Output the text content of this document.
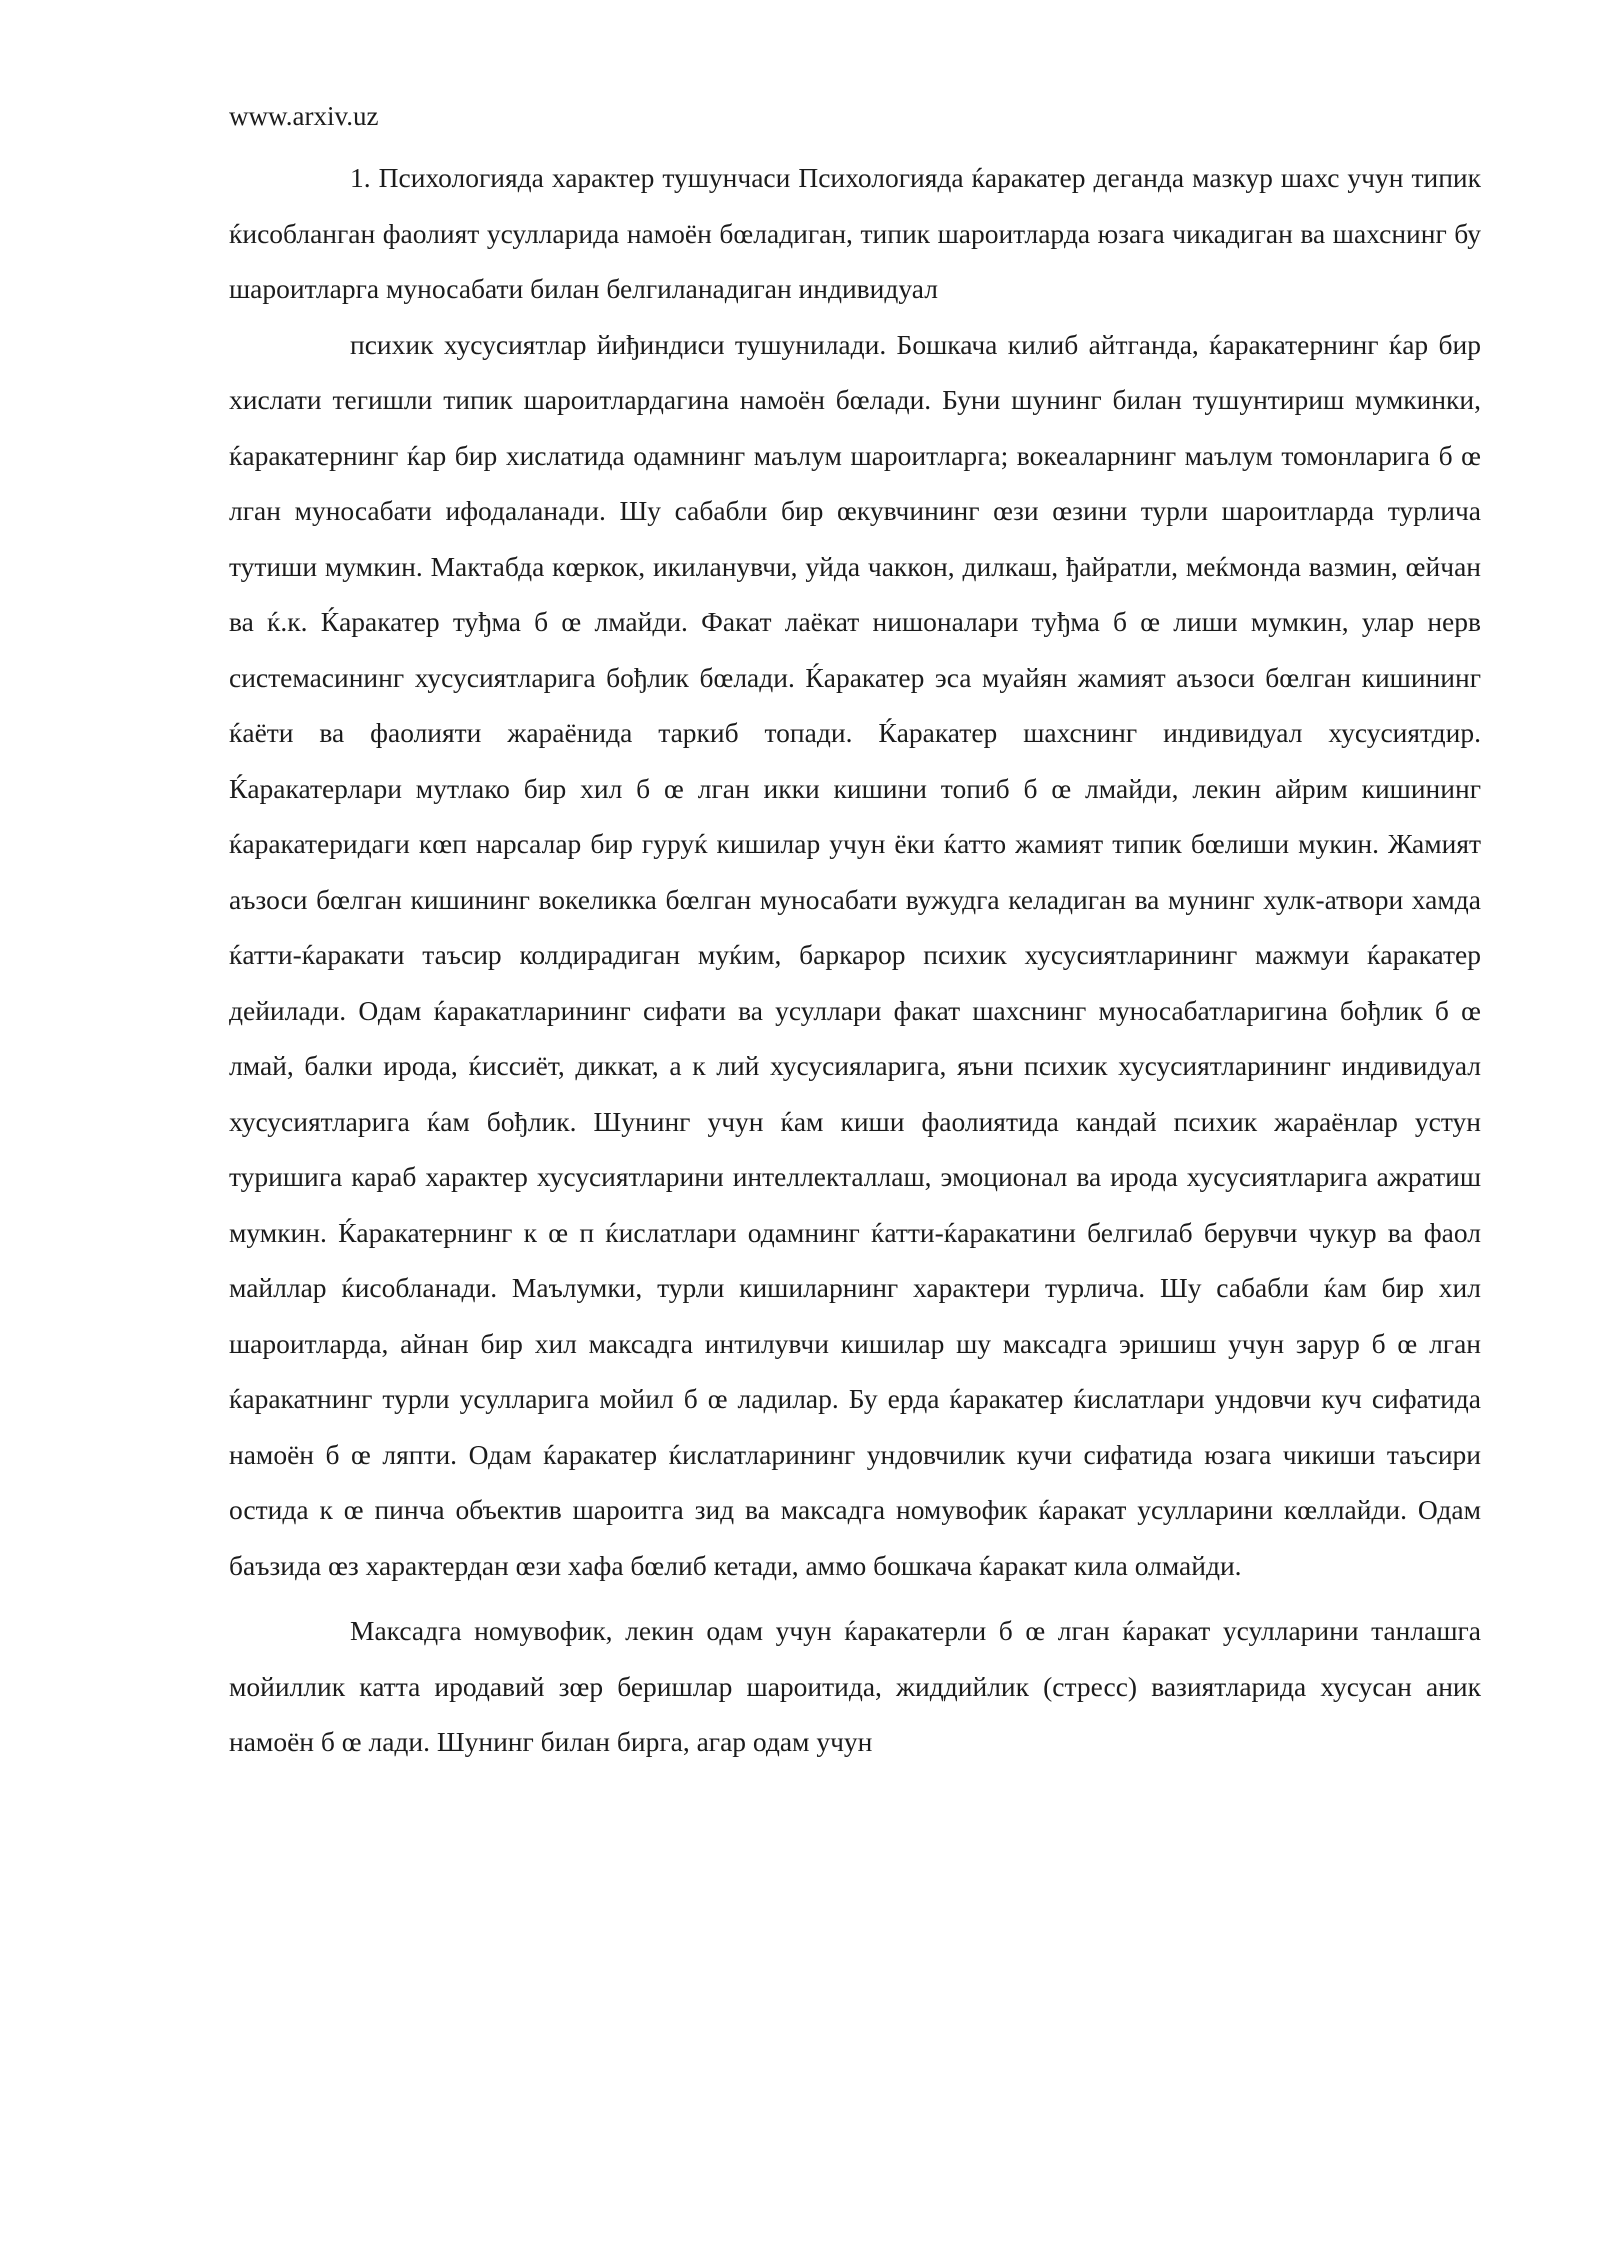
www.arxiv.uz

1. Психологияда характер тушунчаси Психологияда ќаракатер деганда мазкур шахс учун типик ќисобланган фаолият усулларида намоён бœладиган, типик шароитларда юзага чикадиган ва шахснинг бу шароитларга муносабати билан белгиланадиган индивидуал

психик хусусиятлар йиђиндиси тушунилади. Бошкача килиб айтганда, ќаракатернинг ќар бир хислати тегишли типик шароитлардагина намоён бœлади. Буни шунинг билан тушунтириш мумкинки, ќаракатернинг ќар бир хислатида одамнинг маълум шароитларга; вокеаларнинг маълум томонларига б œ лган муносабати ифодаланади. Шу сабабли бир œкувчининг œзи œзини турли шароитларда турлича тутиши мумкин. Мактабда кœркок, икиланувчи, уйда чаккон, дилкаш, ђайратли, меќмонда вазмин, œйчан ва ќ.к. Ќаракатер туђма б œ лмайди. Факат лаёкат нишоналари туђма б œ лиши мумкин, улар нерв системасининг хусусиятларига бођлик бœлади. Ќаракатер эса муайян жамият аъзоси бœлган кишининг ќаёти ва фаолияти жараёнида таркиб топади. Ќаракатер шахснинг индивидуал хусусиятдир. Ќаракатерлари мутлако бир хил б œ лган икки кишини топиб б œ лмайди, лекин айрим кишининг ќаракатеридаги кœп нарсалар бир гуруќ кишилар учун ёки ќатто жамият типик бœлиши мукин. Жамият аъзоси бœлган кишининг вокеликка бœлган муносабати вужудга келадиган ва мунинг хулк-атвори хамда ќатти-ќаракати таъсир колдирадиган муќим, баркарор психик хусусиятларининг мажмуи ќаракатер дейилади. Одам ќаракатларининг сифати ва усуллари факат шахснинг муносабатларигина бођлик б œ лмай, балки ирода, ќиссиёт, диккат, а к лий хусусияларига, яъни психик хусусиятларининг индивидуал хусусиятларига ќам бођлик. Шунинг учун ќам киши фаолиятида кандай психик жараёнлар устун туришига караб характер хусусиятларини интеллекталлаш, эмоционал ва ирода хусусиятларига ажратиш мумкин. Ќаракатернинг к œ п ќислатлари одамнинг ќатти-ќаракатини белгилаб берувчи чукур ва фаол майллар ќисобланади. Маълумки, турли кишиларнинг характери турлича. Шу сабабли ќам бир хил шароитларда, айнан бир хил максадга интилувчи кишилар шу максадга эришиш учун зарур б œ лган ќаракатнинг турли усулларига мойил б œ ладилар. Бу ерда ќаракатер ќислатлари ундовчи куч сифатида намоён б œ ляпти. Одам ќаракатер ќислатларининг ундовчилик кучи сифатида юзага чикиши таъсири остида к œ пинча объектив шароитга зид ва максадга номувофик ќаракат усулларини кœллайди. Одам баъзида œз характердан œзи хафа бœлиб кетади, аммо бошкача ќаракат кила олмайди.

Максадга номувофик, лекин одам учун ќаракатерли б œ лган ќаракат усулларини танлашга мойиллик катта иродавий зœр беришлар шароитида, жиддийлик (стресс) вазиятларида хусусан аник намоён б œ лади. Шунинг билан бирга, агар одам учун
